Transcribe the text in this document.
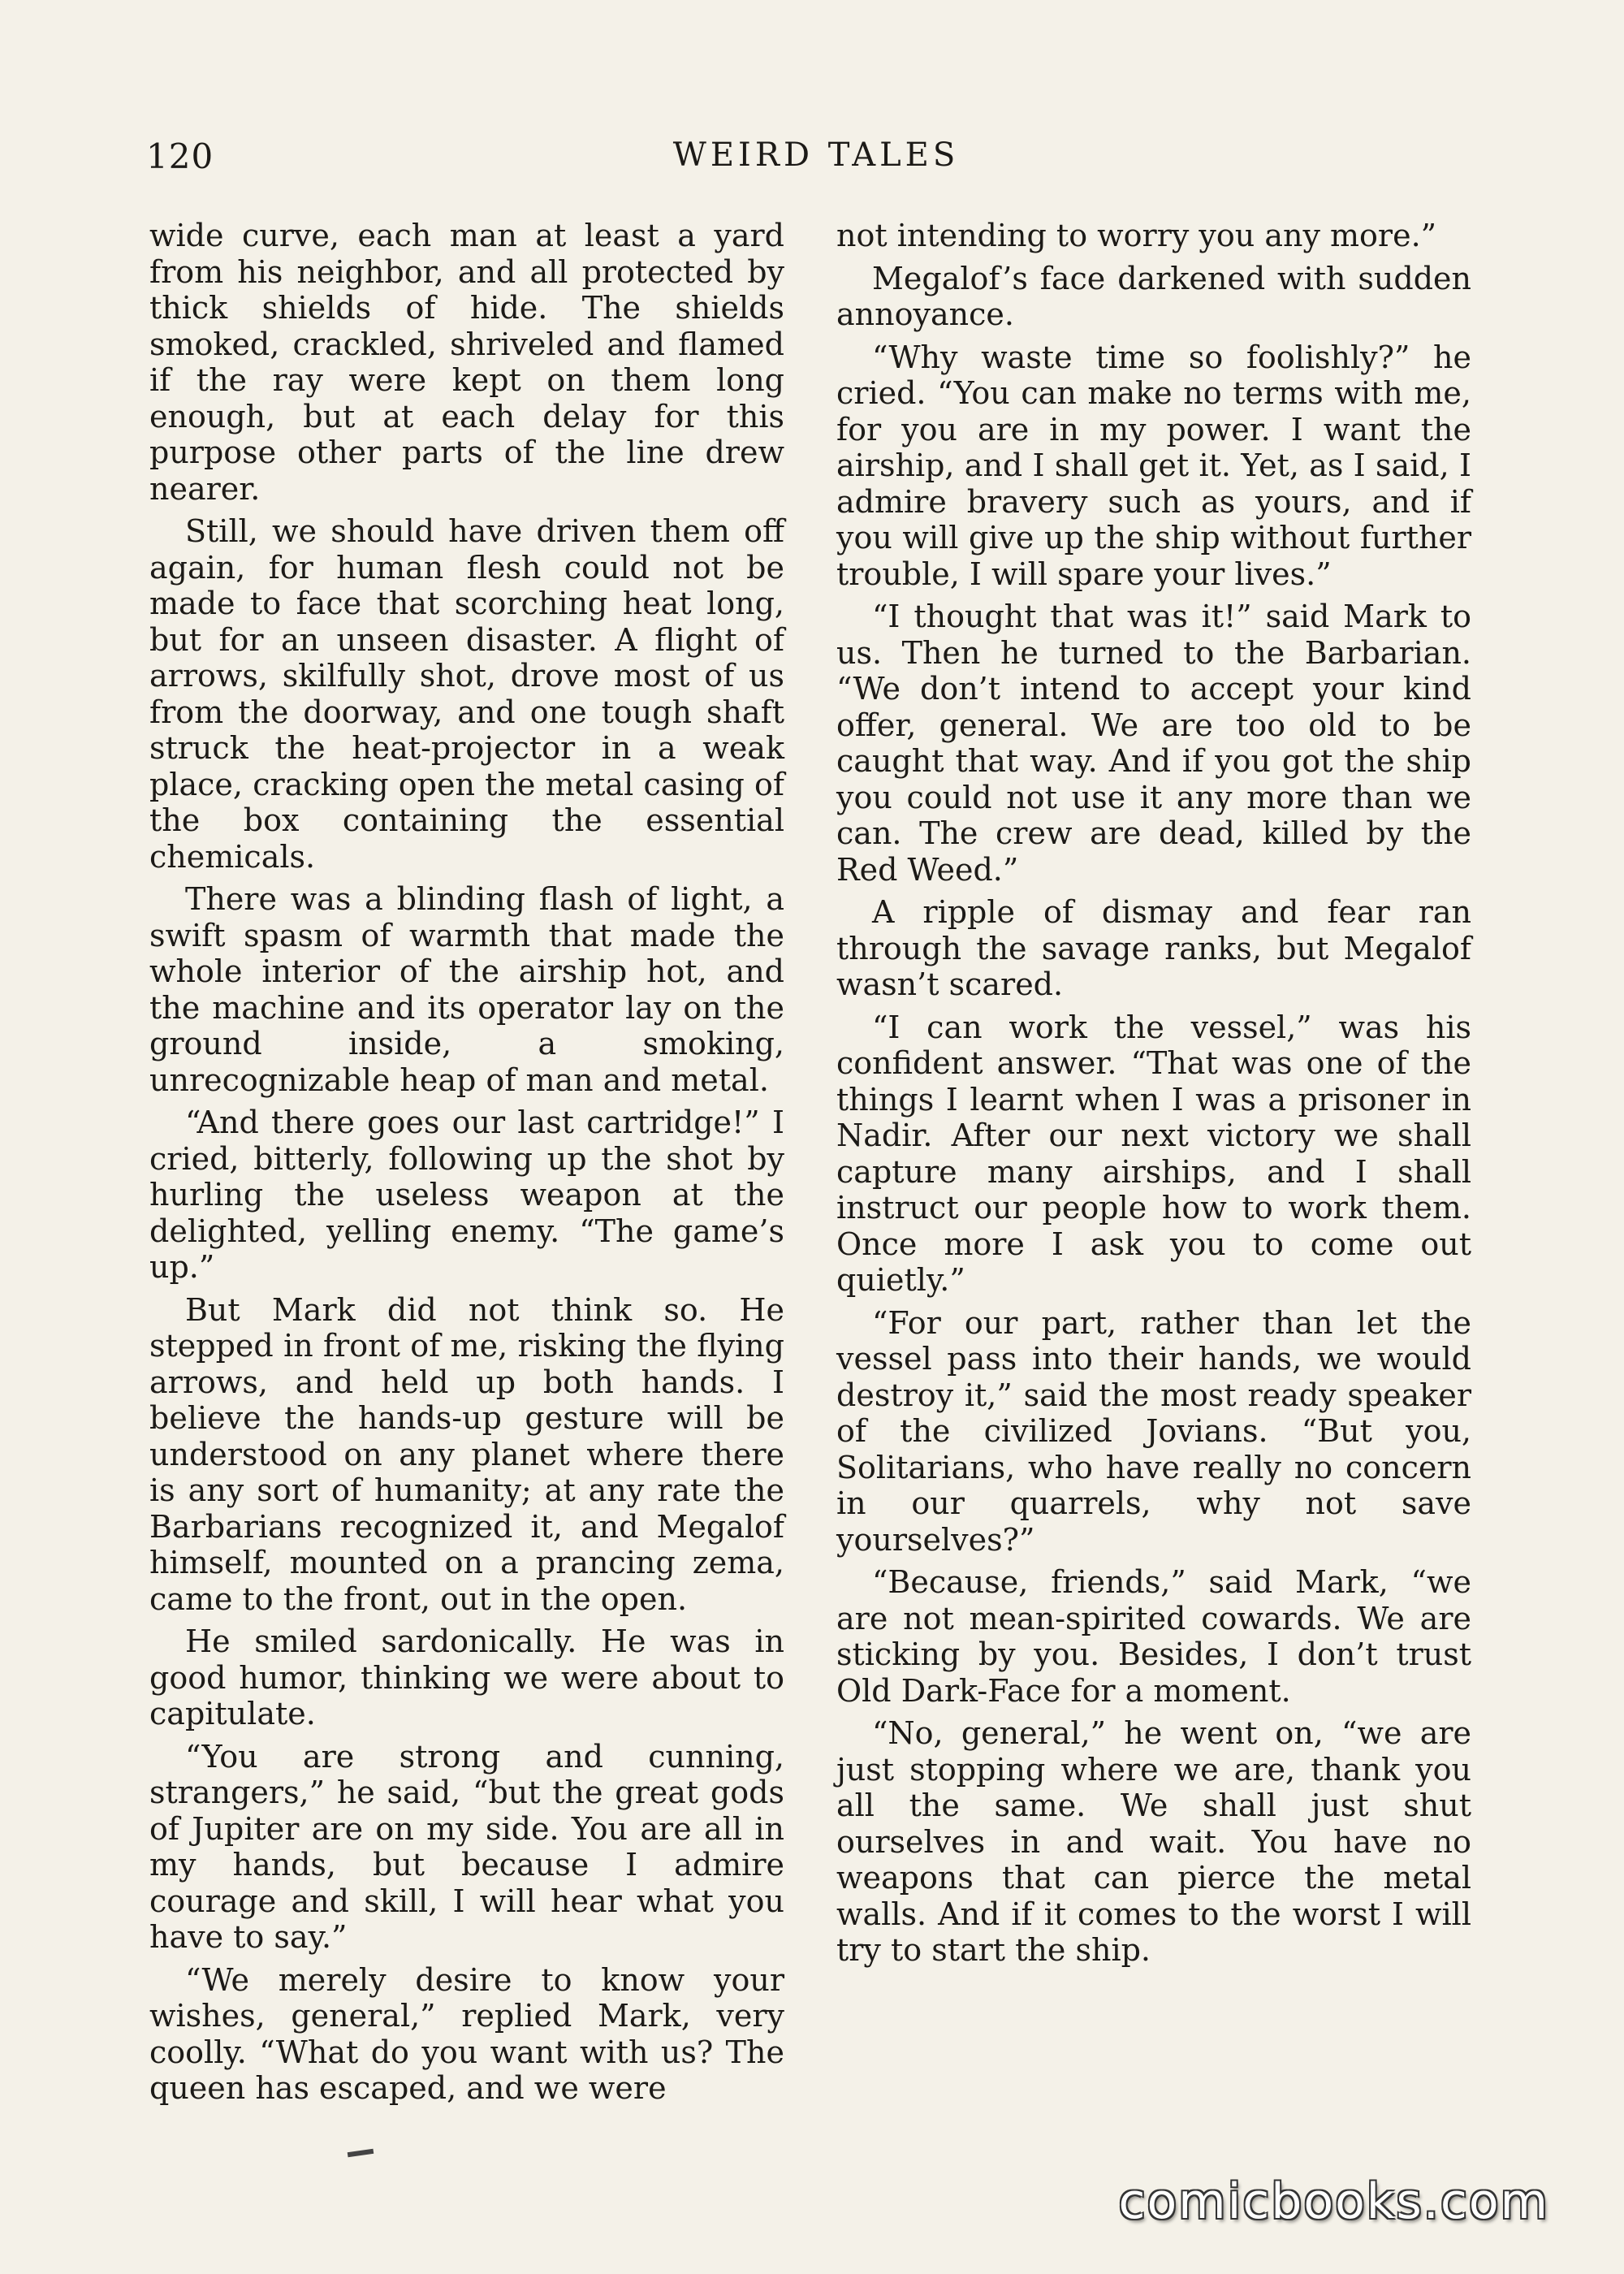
120	WEIRD TALES

wide curve, each man at least a yard from his neighbor, and all protected by thick shields of hide. The shields smoked, crackled, shriveled and flamed if the ray were kept on them long enough, but at each delay for this purpose other parts of the line drew nearer.

Still, we should have driven them off again, for human flesh could not be made to face that scorching heat long, but for an unseen disaster. A flight of arrows, skilfully shot, drove most of us from the doorway, and one tough shaft struck the heat-projector in a weak place, cracking open the metal casing of the box containing the essential chemicals.

There was a blinding flash of light, a swift spasm of warmth that made the whole interior of the airship hot, and the machine and its operator lay on the ground inside, a smoking, unrecognizable heap of man and metal.

“And there goes our last cartridge!” I cried, bitterly, following up the shot by hurling the useless weapon at the delighted, yelling enemy. “The game’s up.”

But Mark did not think so. He stepped in front of me, risking the flying arrows, and held up both hands. I believe the hands-up gesture will be understood on any planet where there is any sort of humanity; at any rate the Barbarians recognized it, and Megalof himself, mounted on a prancing zema, came to the front, out in the open.

He smiled sardonically. He was in good humor, thinking we were about to capitulate.

“You are strong and cunning, strangers,” he said, “but the great gods of Jupiter are on my side. You are all in my hands, but because I admire courage and skill, I will hear what you have to say.”

“We merely desire to know your wishes, general,” replied Mark, very coolly. “What do you want with us? The queen has escaped, and we were

not intending to worry you any more.”

Megalof’s face darkened with sudden annoyance.

“Why waste time so foolishly?” he cried. “You can make no terms with me, for you are in my power. I want the airship, and I shall get it. Yet, as I said, I admire bravery such as yours, and if you will give up the ship without further trouble, I will spare your lives.”

“I thought that was it!” said Mark to us. Then he turned to the Barbarian. “We don’t intend to accept your kind offer, general. We are too old to be caught that way. And if you got the ship you could not use it any more than we can. The crew are dead, killed by the Red Weed.”

A ripple of dismay and fear ran through the savage ranks, but Megalof wasn’t scared.

“I can work the vessel,” was his confident answer. “That was one of the things I learnt when I was a prisoner in Nadir. After our next victory we shall capture many airships, and I shall instruct our people how to work them. Once more I ask you to come out quietly.”

“For our part, rather than let the vessel pass into their hands, we would destroy it,” said the most ready speaker of the civilized Jovians. “But you, Solitarians, who have really no concern in our quarrels, why not save yourselves?”

“Because, friends,” said Mark, “we are not mean-spirited cowards. We are sticking by you. Besides, I don’t trust Old Dark-Face for a moment.

“No, general,” he went on, “we are just stopping where we are, thank you all the same. We shall just shut ourselves in and wait. You have no weapons that can pierce the metal walls. And if it comes to the worst I will try to start the ship.

comicbooks.com
